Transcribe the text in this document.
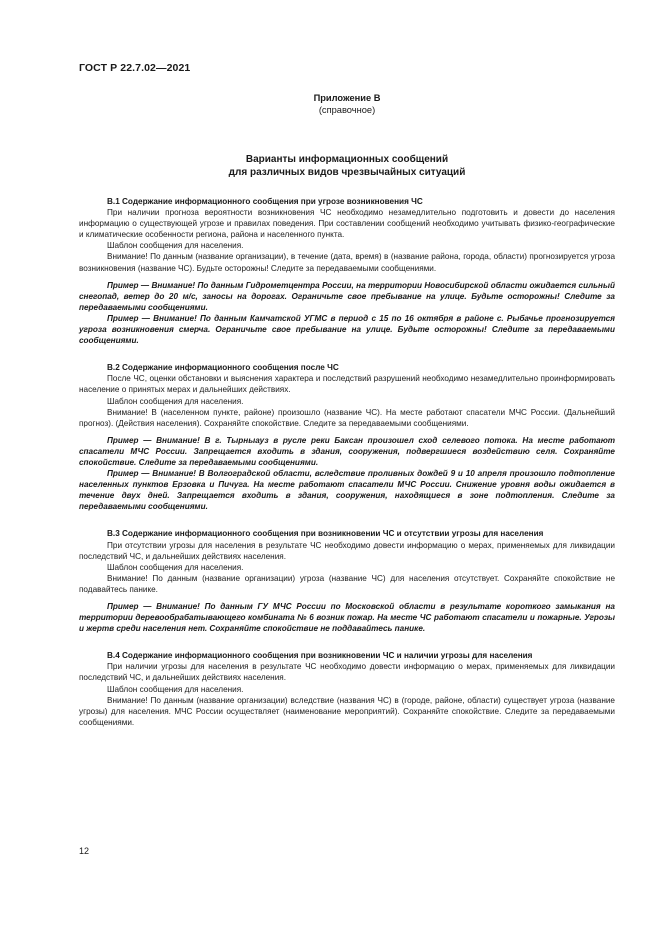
ГОСТ Р 22.7.02—2021
Приложение В
(справочное)
Варианты информационных сообщений
для различных видов чрезвычайных ситуаций

В.1 Содержание информационного сообщения при угрозе возникновения ЧС

При наличии прогноза вероятности возникновения ЧС необходимо незамедлительно подготовить и довести до населения информацию о существующей угрозе и правилах поведения. При составлении сообщений необходимо учитывать физико-географические и климатические особенности региона, района и населенного пункта.

Шаблон сообщения для населения.

Внимание! По данным (название организации), в течение (дата, время) в (название района, города, области) прогнозируется угроза возникновения (название ЧС). Будьте осторожны! Следите за передаваемыми сообщениями.

Пример — Внимание! По данным Гидрометцентра России, на территории Новосибирской области ожидается сильный снегопад, ветер до 20 м/с, заносы на дорогах. Ограничьте свое пребывание на улице. Будьте осторожны! Следите за передаваемыми сообщениями.

Пример — Внимание! По данным Камчатской УГМС в период с 15 по 16 октября в районе с. Рыбачье прогнозируется угроза возникновения смерча. Ограничьте свое пребывание на улице. Будьте осторожны! Следите за передаваемыми сообщениями.

В.2 Содержание информационного сообщения после ЧС

После ЧС, оценки обстановки и выяснения характера и последствий разрушений необходимо незамедлительно проинформировать население о принятых мерах и дальнейших действиях.

Шаблон сообщения для населения.

Внимание! В (населенном пункте, районе) произошло (название ЧС). На месте работают спасатели МЧС России. (Дальнейший прогноз). (Действия населения). Сохраняйте спокойствие. Следите за передаваемыми сообщениями.

Пример — Внимание! В г. Тырныауз в русле реки Баксан произошел сход селевого потока. На месте работают спасатели МЧС России. Запрещается входить в здания, сооружения, подвергшиеся воздействию селя. Сохраняйте спокойствие. Следите за передаваемыми сообщениями.

Пример — Внимание! В Волгоградской области, вследствие проливных дождей 9 и 10 апреля произошло подтопление населенных пунктов Ерзовка и Пичуга. На месте работают спасатели МЧС России. Снижение уровня воды ожидается в течение двух дней. Запрещается входить в здания, сооружения, находящиеся в зоне подтопления. Следите за передаваемыми сообщениями.

В.3 Содержание информационного сообщения при возникновении ЧС и отсутствии угрозы для населения

При отсутствии угрозы для населения в результате ЧС необходимо довести информацию о мерах, применяемых для ликвидации последствий ЧС, и дальнейших действиях населения.

Шаблон сообщения для населения.

Внимание! По данным (название организации) угроза (название ЧС) для населения отсутствует. Сохраняйте спокойствие не подавайтесь панике.

Пример — Внимание! По данным ГУ МЧС России по Московской области в результате короткого замыкания на территории деревообрабатывающего комбината № 6 возник пожар. На месте ЧС работают спасатели и пожарные. Угрозы и жертв среди населения нет. Сохраняйте спокойствие не поддавайтесь панике.

В.4 Содержание информационного сообщения при возникновении ЧС и наличии угрозы для населения

При наличии угрозы для населения в результате ЧС необходимо довести информацию о мерах, применяемых для ликвидации последствий ЧС, и дальнейших действиях населения.

Шаблон сообщения для населения.

Внимание! По данным (название организации) вследствие (названия ЧС) в (городе, районе, области) существует угроза (название угрозы) для населения. МЧС России осуществляет (наименование мероприятий). Сохраняйте спокойствие. Следите за передаваемыми сообщениями.

12
